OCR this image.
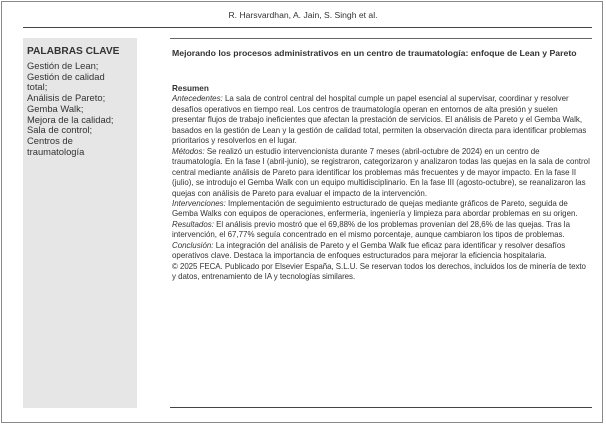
R. Harsvardhan, A. Jain, S. Singh et al.
PALABRAS CLAVE
Gestión de Lean;
Gestión de calidad
total;
Análisis de Pareto;
Gemba Walk;
Mejora de la calidad;
Sala de control;
Centros de
traumatología
Mejorando los procesos administrativos en un centro de traumatología: enfoque de Lean y Pareto

Resumen

Antecedentes: La sala de control central del hospital cumple un papel esencial al supervisar, coordinar y resolver desafíos operativos en tiempo real. Los centros de traumatología operan en entornos de alta presión y suelen presentar flujos de trabajo ineficientes que afectan la prestación de servicios. El análisis de Pareto y el Gemba Walk, basados en la gestión de Lean y la gestión de calidad total, permiten la observación directa para identificar problemas prioritarios y resolverlos en el lugar.

Métodos: Se realizó un estudio intervencionista durante 7 meses (abril-octubre de 2024) en un centro de traumatología. En la fase I (abril-junio), se registraron, categorizaron y analizaron todas las quejas en la sala de control central mediante análisis de Pareto para identificar los problemas más frecuentes y de mayor impacto. En la fase II (julio), se introdujo el Gemba Walk con un equipo multidisciplinario. En la fase III (agosto-octubre), se reanalizaron las quejas con análisis de Pareto para evaluar el impacto de la intervención.

Intervenciones: Implementación de seguimiento estructurado de quejas mediante gráficos de Pareto, seguida de Gemba Walks con equipos de operaciones, enfermería, ingeniería y limpieza para abordar problemas en su origen.

Resultados: El análisis previo mostró que el 69,88% de los problemas provenían del 28,6% de las quejas. Tras la intervención, el 67,77% seguía concentrado en el mismo porcentaje, aunque cambiaron los tipos de problemas.

Conclusión: La integración del análisis de Pareto y el Gemba Walk fue eficaz para identificar y resolver desafíos operativos clave. Destaca la importancia de enfoques estructurados para mejorar la eficiencia hospitalaria.

© 2025 FECA. Publicado por Elsevier España, S.L.U. Se reservan todos los derechos, incluidos los de minería de texto y datos, entrenamiento de IA y tecnologías similares.
